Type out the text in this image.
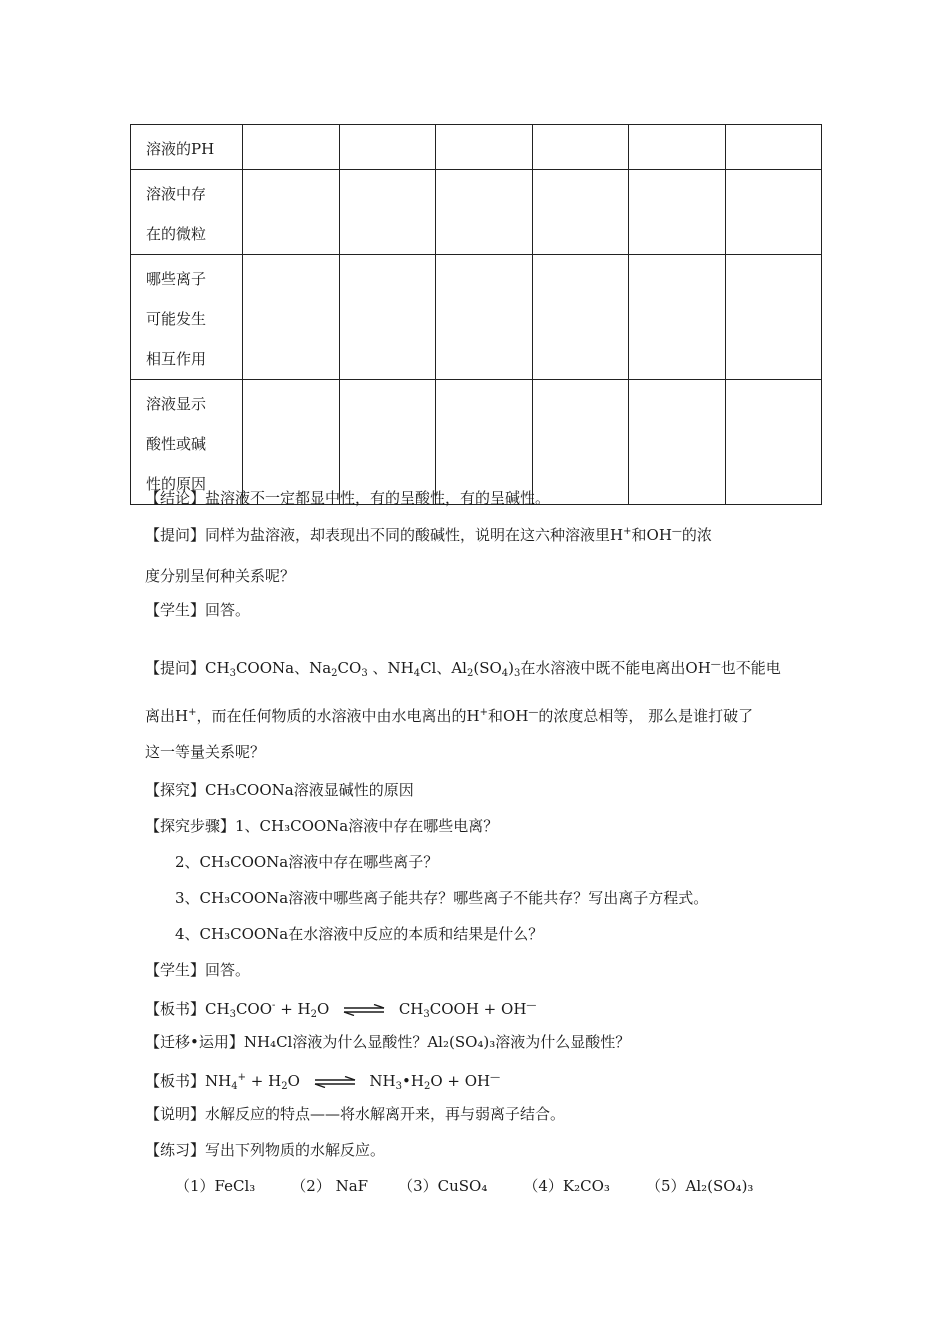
溶液的PH						

溶液中存
在的微粒						

哪些离子
可能发生
相互作用						

溶液显示
酸性或碱
性的原因						

【结论】盐溶液不一定都显中性，有的呈酸性，有的呈碱性。
【提问】同样为盐溶液，却表现出不同的酸碱性，说明在这六种溶液里H+和OH—的浓
度分别呈何种关系呢？
【学生】回答。
【提问】$CH_3COONa$、$Na_2CO_3$ 、$NH_4Cl$、$Al_2(SO_4)_3$在水溶液中既不能电离出OH—也不能电
离出H+，而在任何物质的水溶液中由水电离出的H+和OH—的浓度总相等， 那么是谁打破了
这一等量关系呢？
【探究】CH₃COONa溶液显碱性的原因
【探究步骤】1、CH₃COONa溶液中存在哪些电离？
2、CH₃COONa溶液中存在哪些离子？
3、CH₃COONa溶液中哪些离子能共存？哪些离子不能共存？写出离子方程式。
4、CH₃COONa在水溶液中反应的本质和结果是什么？
【学生】回答。
【板书】$CH_3COO^- + H_2O$ ⇌ $CH_3COOH + OH^—$
【迁移•运用】NH₄Cl溶液为什么显酸性？Al₂(SO₄)₃溶液为什么显酸性？
【板书】$NH_4^+ + H_2O$ ⇌ $NH_3•H_2O + OH^—$
【说明】水解反应的特点——将水解离开来，再与弱离子结合。
【练习】写出下列物质的水解反应。
（1）FeCl₃ （2） NaF （3）CuSO₄ （4）K₂CO₃ （5）Al₂(SO₄)₃
